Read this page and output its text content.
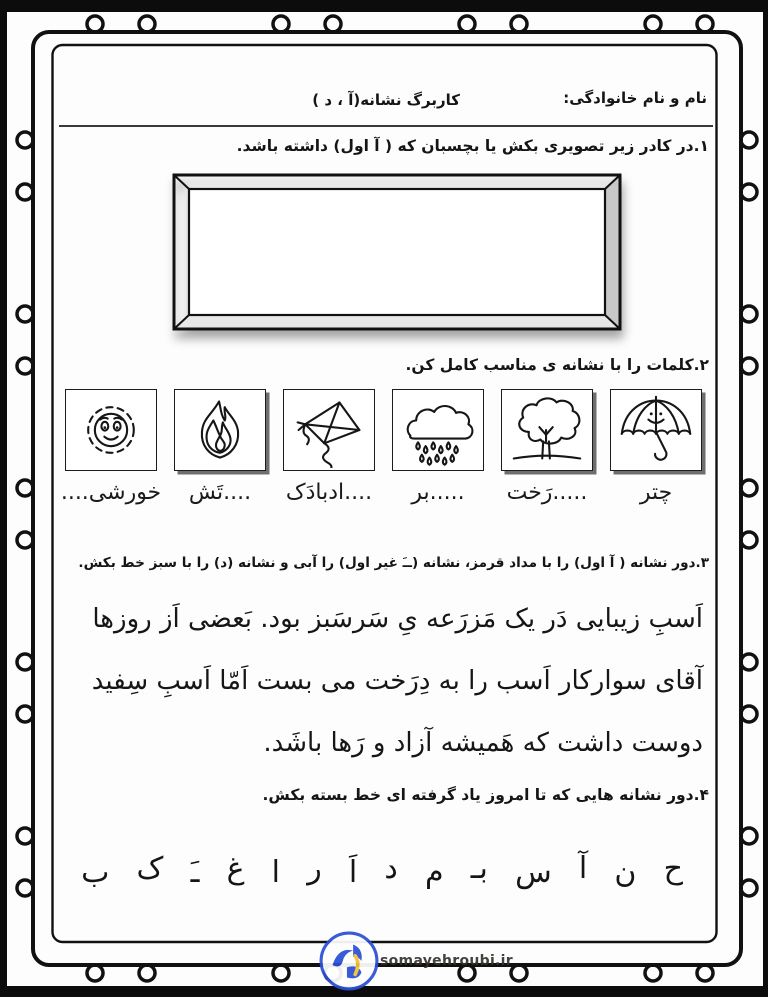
نام و نام خانوادگی:
کاربرگ نشانه(آ ، د )
۱.در کادر زیر تصویری بکش یا بچسبان که ( آ اول) داشته باشد.
۲.کلمات را با نشانه ی مناسب کامل کن.
چتر
.....رَخت
.....بر
....ادبادَک
....تَش
خورشی....
۳.دور نشانه ( آ اول) را با مداد قرمز، نشانه (ــَ غیر اول) را آبی و نشانه (د) را با سبز خط بکش.
اَسبِ زیبایی دَر یک مَزرَعه یِ سَرسَبز بود. بَعضی اَز روزها
آقای سوارکار اَسب را به دِرَخت می بست اَمّا اَسبِ سِفید
دوست داشت که هَمیشه آزاد و رَها باشَد.
۴.دور نشانه هایی که تا امروز یاد گرفته ای خط بسته بکش.
ح
ن
آ
س
بـ
م
د
اَ
ر
ا
غ
ـَ
ک
ب
somayehroubi.ir
